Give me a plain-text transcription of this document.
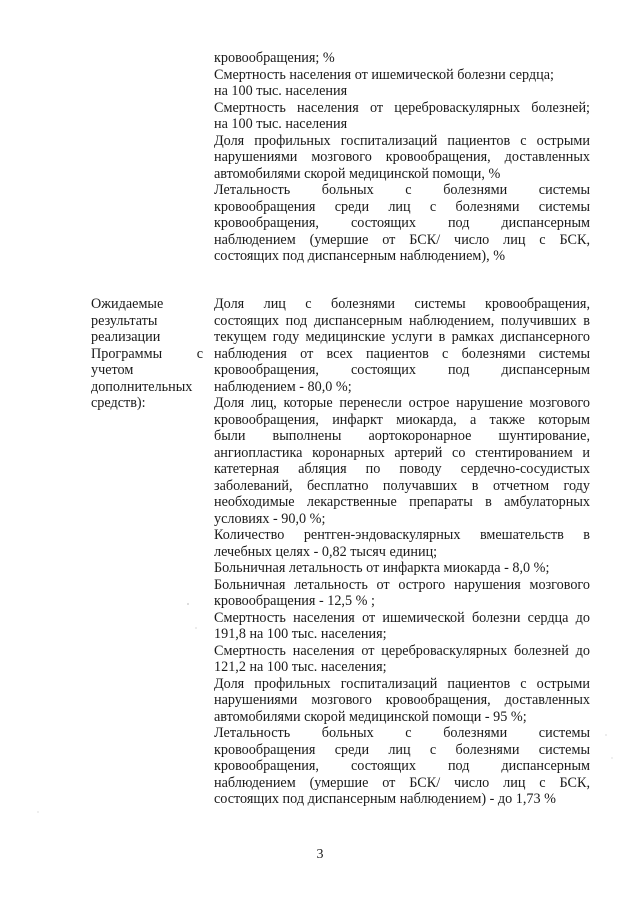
кровообращения; %
Смертность населения от ишемической болезни сердца;
на 100 тыс. населения
Смертность населения от цереброваскулярных болезней;
на 100 тыс. населения
Доля профильных госпитализаций пациентов с острыми
нарушениями мозгового кровообращения, доставленных
автомобилями скорой медицинской помощи, %
Летальность больных с болезнями системы
кровообращения среди лиц с болезнями системы
кровообращения, состоящих под диспансерным
наблюдением (умершие от БСК/ число лиц с БСК,
состоящих под диспансерным наблюдением), %
Ожидаемые
результаты
реализации
Программы с
учетом
дополнительных
средств):
Доля лиц с болезнями системы кровообращения,
состоящих под диспансерным наблюдением, получивших в
текущем году медицинские услуги в рамках диспансерного
наблюдения от всех пациентов с болезнями системы
кровообращения, состоящих под диспансерным
наблюдением - 80,0 %;
Доля лиц, которые перенесли острое нарушение мозгового
кровообращения, инфаркт миокарда, а также которым
были выполнены аортокоронарное шунтирование,
ангиопластика коронарных артерий со стентированием и
катетерная абляция по поводу сердечно-сосудистых
заболеваний, бесплатно получавших в отчетном году
необходимые лекарственные препараты в амбулаторных
условиях - 90,0 %;
Количество рентген-эндоваскулярных вмешательств в
лечебных целях - 0,82 тысяч единиц;
Больничная летальность от инфаркта миокарда - 8,0 %;
Больничная летальность от острого нарушения мозгового
кровообращения - 12,5 % ;
Смертность населения от ишемической болезни сердца до
191,8 на 100 тыс. населения;
Смертность населения от цереброваскулярных болезней до
121,2 на 100 тыс. населения;
Доля профильных госпитализаций пациентов с острыми
нарушениями мозгового кровообращения, доставленных
автомобилями скорой медицинской помощи - 95 %;
Летальность больных с болезнями системы
кровообращения среди лиц с болезнями системы
кровообращения, состоящих под диспансерным
наблюдением (умершие от БСК/ число лиц с БСК,
состоящих под диспансерным наблюдением) - до 1,73 %
3
